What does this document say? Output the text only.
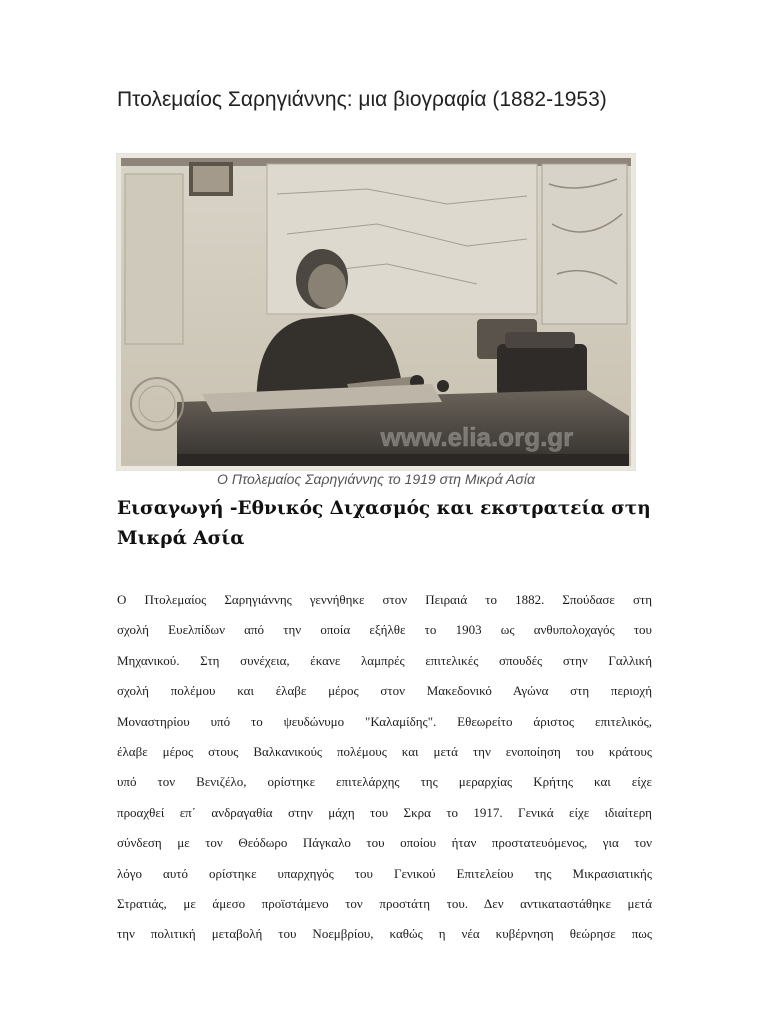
Πτολεμαίος Σαρηγιάννης: μια βιογραφία (1882-1953)
www.elia.org.gr

Ο Πτολεμαίος Σαρηγιάννης το 1919 στη Μικρά Ασία

Εισαγωγή -Εθνικός Διχασμός και εκστρατεία στη Μικρά Ασία
Ο Πτολεμαίος Σαρηγιάννης γεννήθηκε στον Πειραιά το 1882. Σπούδασε στη
σχολή Ευελπίδων από την οποία εξήλθε το 1903 ως ανθυπολοχαγός του
Μηχανικού. Στη συνέχεια, έκανε λαμπρές επιτελικές σπουδές στην Γαλλική
σχολή πολέμου και έλαβε μέρος στον Μακεδονικό Αγώνα στη περιοχή
Μοναστηρίου υπό το ψευδώνυμο "Καλαμίδης". Εθεωρείτο άριστος επιτελικός,
έλαβε μέρος στους Βαλκανικούς πολέμους και μετά την ενοποίηση του κράτους
υπό τον Βενιζέλο, ορίστηκε επιτελάρχης της μεραρχίας Κρήτης και είχε
προαχθεί επ΄ ανδραγαθία στην μάχη του Σκρα το 1917. Γενικά είχε ιδιαίτερη
σύνδεση με τον Θεόδωρο Πάγκαλο του οποίου ήταν προστατευόμενος, για τον
λόγο αυτό ορίστηκε υπαρχηγός του Γενικού Επιτελείου της Μικρασιατικής
Στρατιάς, με άμεσο προϊστάμενο τον προστάτη του. Δεν αντικαταστάθηκε μετά
την πολιτική μεταβολή του Νοεμβρίου, καθώς η νέα κυβέρνηση θεώρησε πως
